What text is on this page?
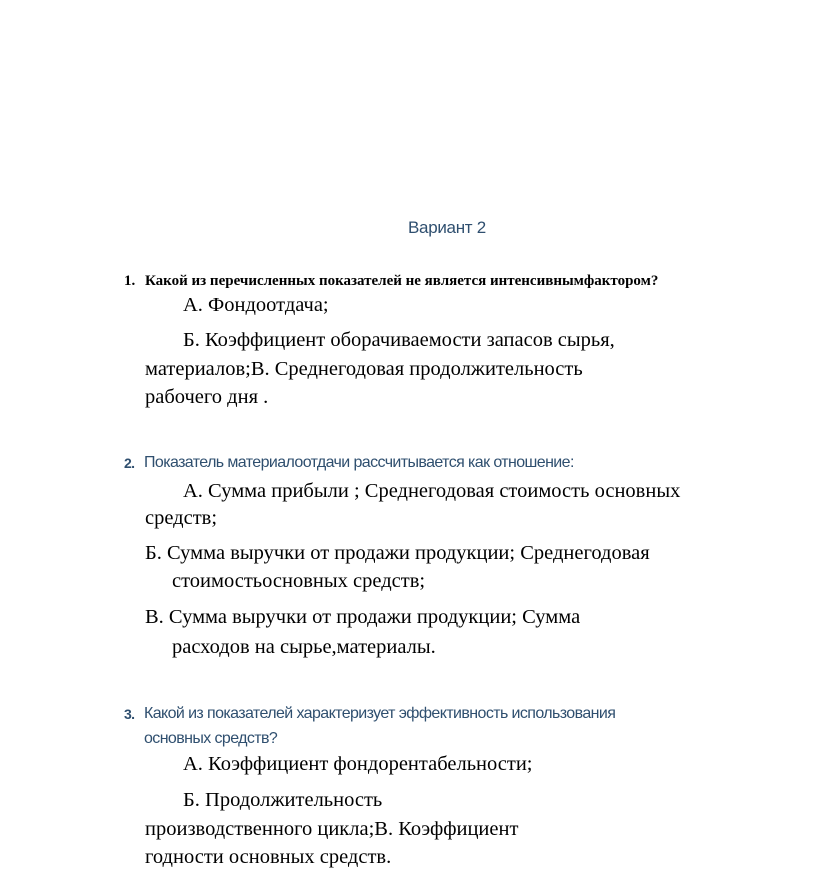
Вариант 2
1. Какой из перечисленных показателей не является интенсивнымфактором?
А. Фондоотдача;
Б. Коэффициент оборачиваемости запасов сырья,
материалов;В. Среднегодовая продолжительность
рабочего дня .
2. Показатель материалоотдачи рассчитывается как отношение:
А. Сумма прибыли ; Среднегодовая стоимость основных
средств;
Б. Сумма выручки от продажи продукции; Среднегодовая
стоимостьосновных средств;
В. Сумма выручки от продажи продукции; Сумма
расходов на сырье,материалы.
3. Какой из показателей характеризует эффективность использования
основных средств?
А. Коэффициент фондорентабельности;
Б. Продолжительность
производственного цикла;В. Коэффициент
годности основных средств.
